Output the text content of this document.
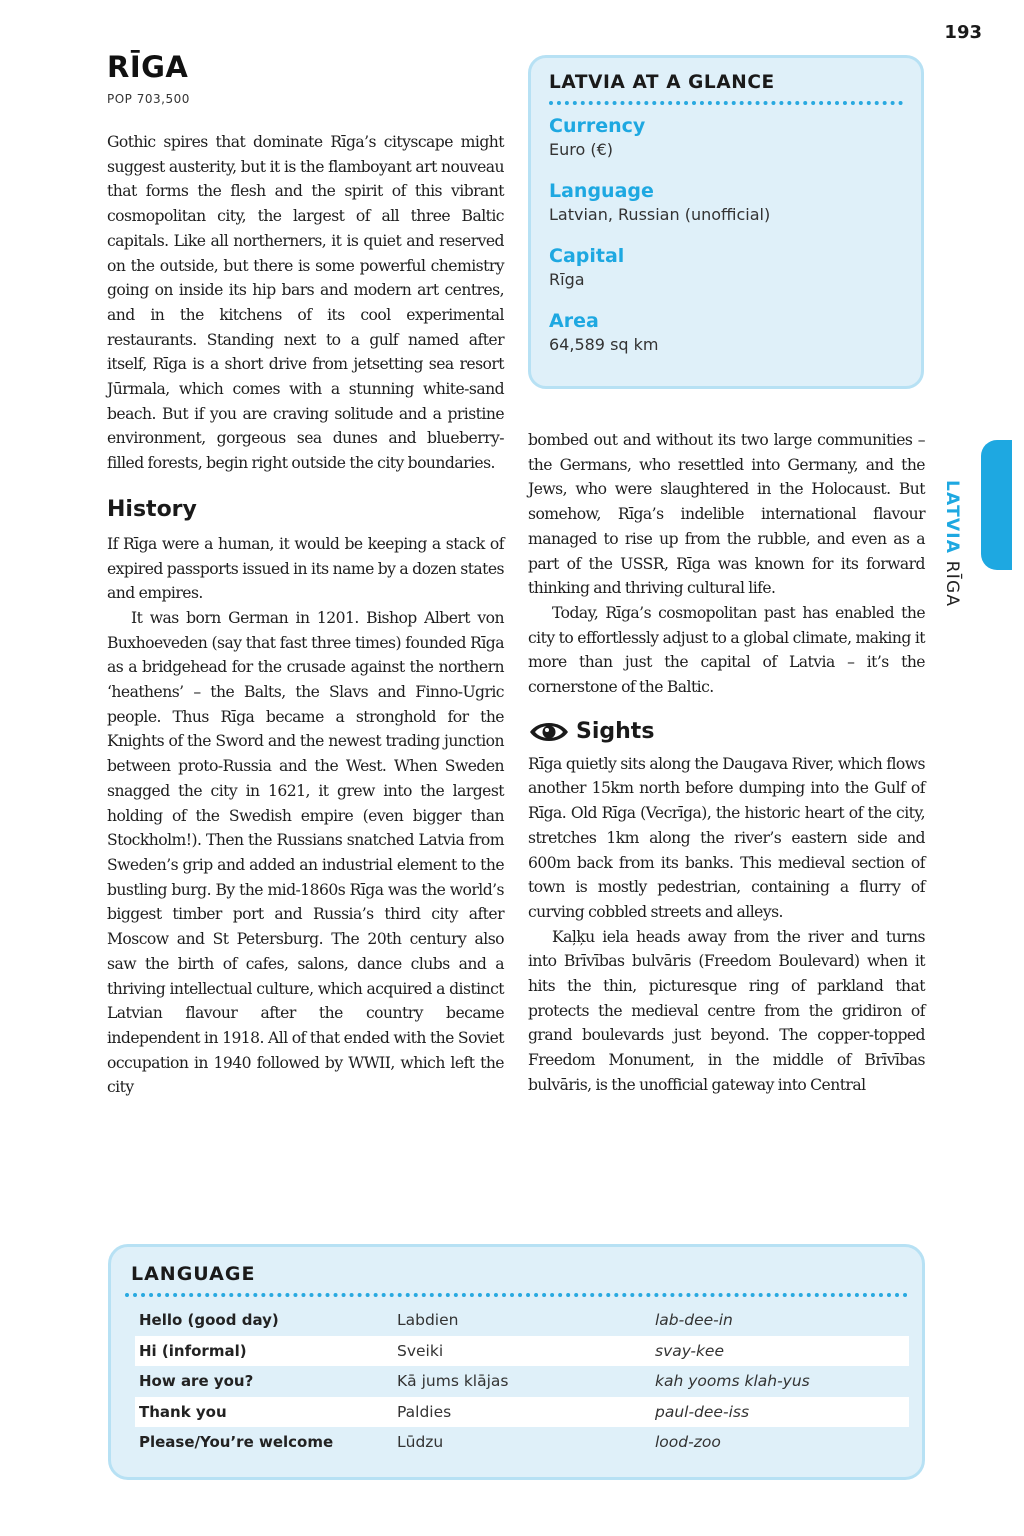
193
RĪGA
POP 703,500

Gothic spires that dominate Rīga’s cityscape might suggest austerity, but it is the flamboyant art nouveau that forms the flesh and the spirit of this vibrant cosmopolitan city, the largest of all three Baltic capitals. Like all northerners, it is quiet and reserved on the outside, but there is some powerful chemistry going on inside its hip bars and modern art centres, and in the kitchens of its cool experimental restaurants. Standing next to a gulf named after itself, Rīga is a short drive from jetsetting sea resort Jūrmala, which comes with a stunning white-sand beach. But if you are craving solitude and a pristine environment, gorgeous sea dunes and blueberry-filled forests, begin right outside the city boundaries.

History

If Rīga were a human, it would be keeping a stack of expired passports issued in its name by a dozen states and empires.

It was born German in 1201. Bishop Albert von Buxhoeveden (say that fast three times) founded Rīga as a bridgehead for the crusade against the northern ‘heathens’ – the Balts, the Slavs and Finno-Ugric people. Thus Rīga became a stronghold for the Knights of the Sword and the newest trading junction between proto-Russia and the West. When Sweden snagged the city in 1621, it grew into the largest holding of the Swedish empire (even bigger than Stockholm!). Then the Russians snatched Latvia from Sweden’s grip and added an industrial element to the bustling burg. By the mid-1860s Rīga was the world’s biggest timber port and Russia’s third city after Moscow and St Petersburg. The 20th century also saw the birth of cafes, salons, dance clubs and a thriving intellectual culture, which acquired a distinct Latvian flavour after the country became independent in 1918. All of that ended with the Soviet occupation in 1940 followed by WWII, which left the city

LATVIA AT A GLANCE
Currency
Euro (€)
Language
Latvian, Russian (unofficial)
Capital
Rīga
Area
64,589 sq km

bombed out and without its two large communities – the Germans, who resettled into Germany, and the Jews, who were slaughtered in the Holocaust. But somehow, Rīga’s indelible international flavour managed to rise up from the rubble, and even as a part of the USSR, Rīga was known for its forward thinking and thriving cultural life.

Today, Rīga’s cosmopolitan past has enabled the city to effortlessly adjust to a global climate, making it more than just the capital of Latvia – it’s the cornerstone of the Baltic.

Sights

Rīga quietly sits along the Daugava River, which flows another 15km north before dumping into the Gulf of Rīga. Old Rīga (Vecrīga), the historic heart of the city, stretches 1km along the river’s eastern side and 600m back from its banks. This medieval section of town is mostly pedestrian, containing a flurry of curving cobbled streets and alleys.

Kaļķu iela heads away from the river and turns into Brīvības bulvāris (Freedom Boulevard) when it hits the thin, picturesque ring of parkland that protects the medieval centre from the gridiron of grand boulevards just beyond. The copper-topped Freedom Monument, in the middle of Brīvības bulvāris, is the unofficial gateway into Central

LATVIA RĪGA
LANGUAGE
Hello (good day)	Labdien	lab-dee-in
Hi (informal)	Sveiki	svay-kee
How are you?	Kā jums klājas	kah yooms klah-yus
Thank you	Paldies	paul-dee-iss
Please/You’re welcome	Lūdzu	lood-zoo
